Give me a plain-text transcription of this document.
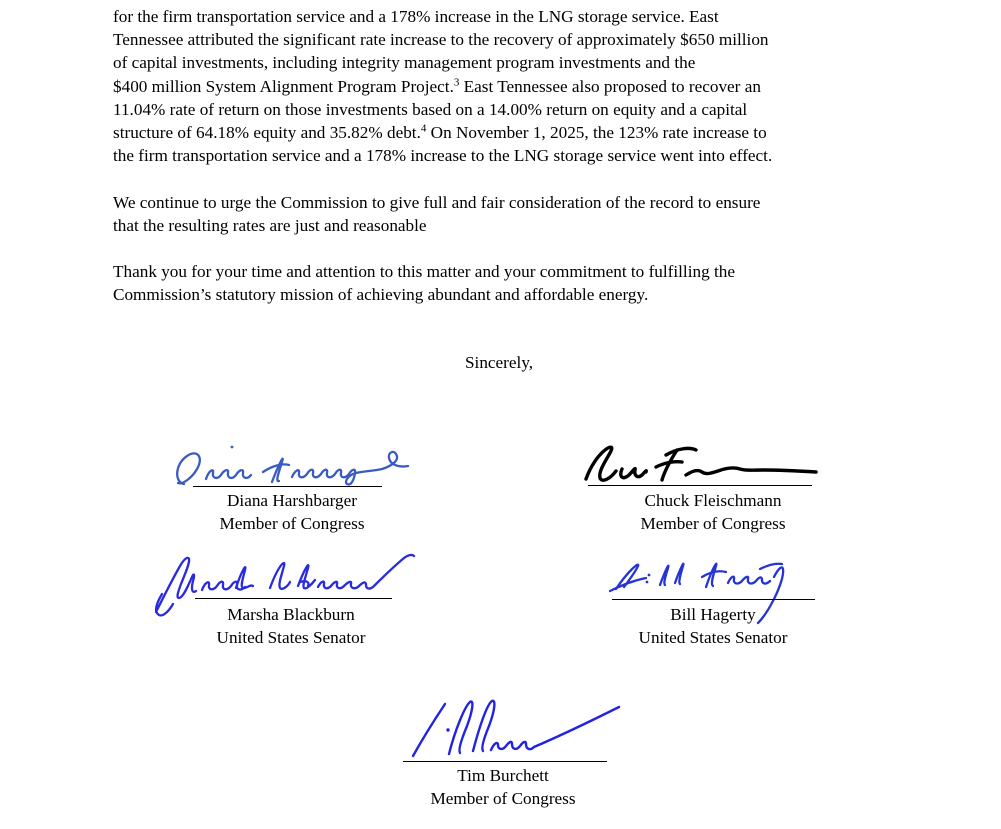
for the firm transportation service and a 178% increase in the LNG storage service. East
Tennessee attributed the significant rate increase to the recovery of approximately $650 million
of capital investments, including integrity management program investments and the
$400 million System Alignment Program Project.$^3$ East Tennessee also proposed to recover an
11.04% rate of return on those investments based on a 14.00% return on equity and a capital
structure of 64.18% equity and 35.82% debt.$^4$ On November 1, 2025, the 123% rate increase to
the firm transportation service and a 178% increase to the LNG storage service went into effect.
We continue to urge the Commission to give full and fair consideration of the record to ensure
that the resulting rates are just and reasonable
Thank you for your time and attention to this matter and your commitment to fulfilling the
Commission’s statutory mission of achieving abundant and affordable energy.
Sincerely,
Diana Harshbarger
Member of Congress
Chuck Fleischmann
Member of Congress
Marsha Blackburn
United States Senator
Bill Hagerty
United States Senator
Tim Burchett
Member of Congress
